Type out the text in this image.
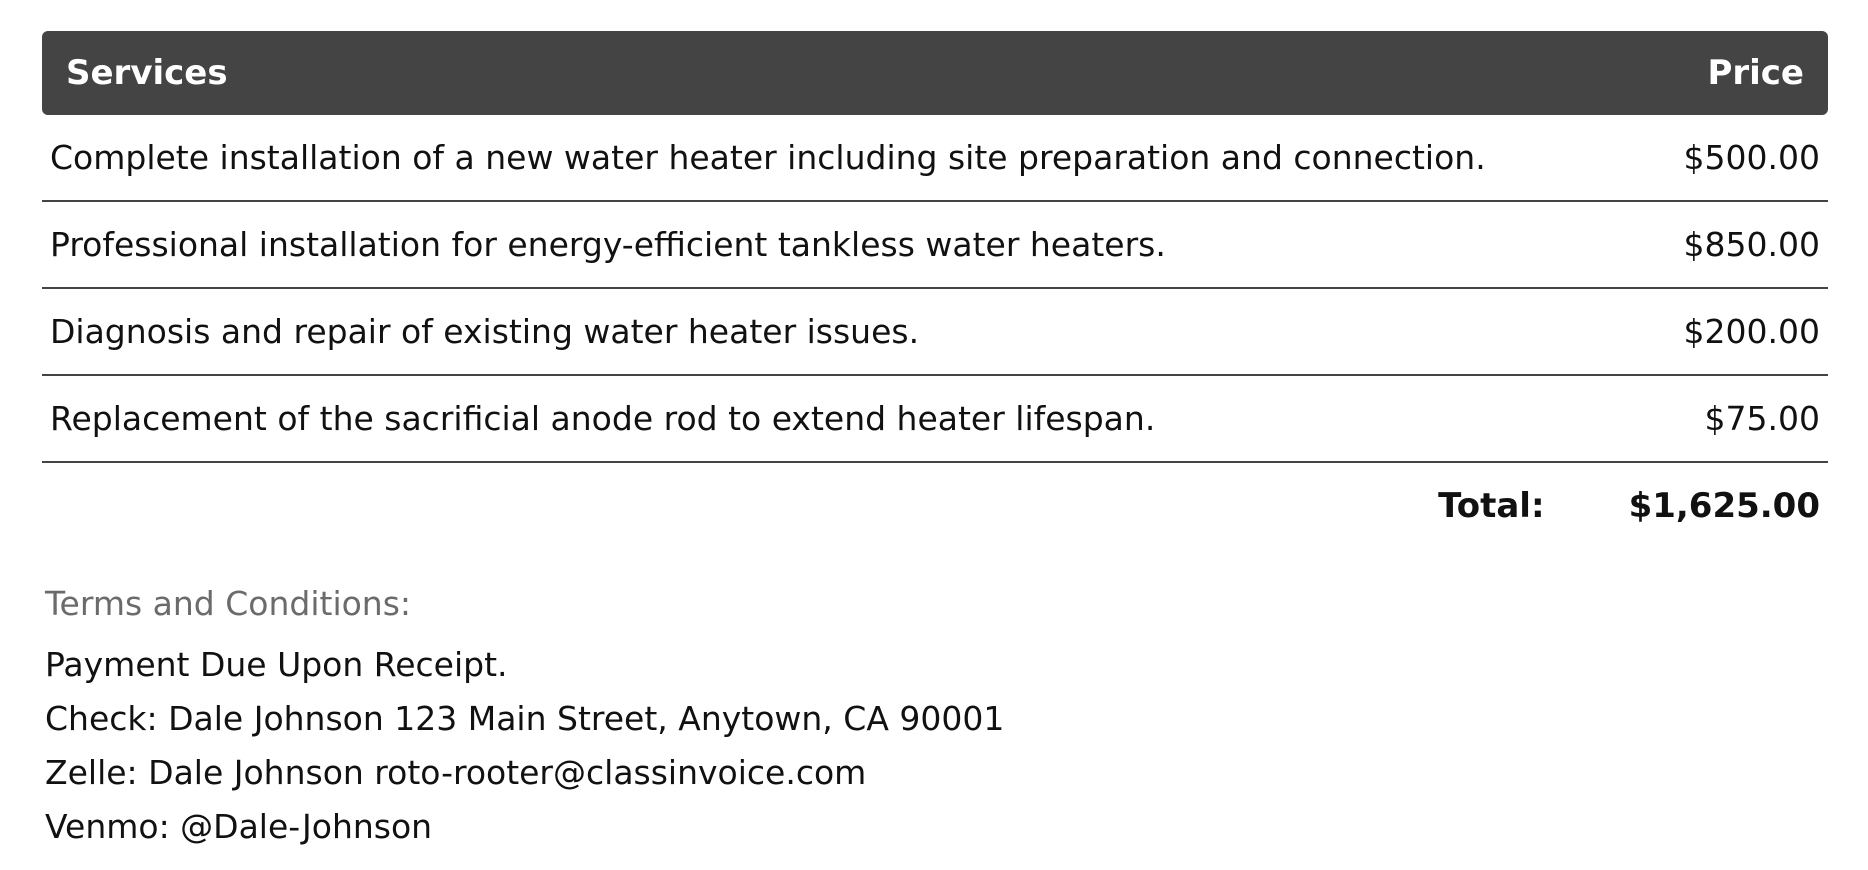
Services	Price
Complete installation of a new water heater including site preparation and connection.	$500.00
Professional installation for energy-efficient tankless water heaters.	$850.00
Diagnosis and repair of existing water heater issues.	$200.00
Replacement of the sacrificial anode rod to extend heater lifespan.	$75.00
Total: $1,625.00
Terms and Conditions:
Payment Due Upon Receipt.
Check: Dale Johnson 123 Main Street, Anytown, CA 90001
Zelle: Dale Johnson roto-rooter@classinvoice.com
Venmo: @Dale-Johnson
